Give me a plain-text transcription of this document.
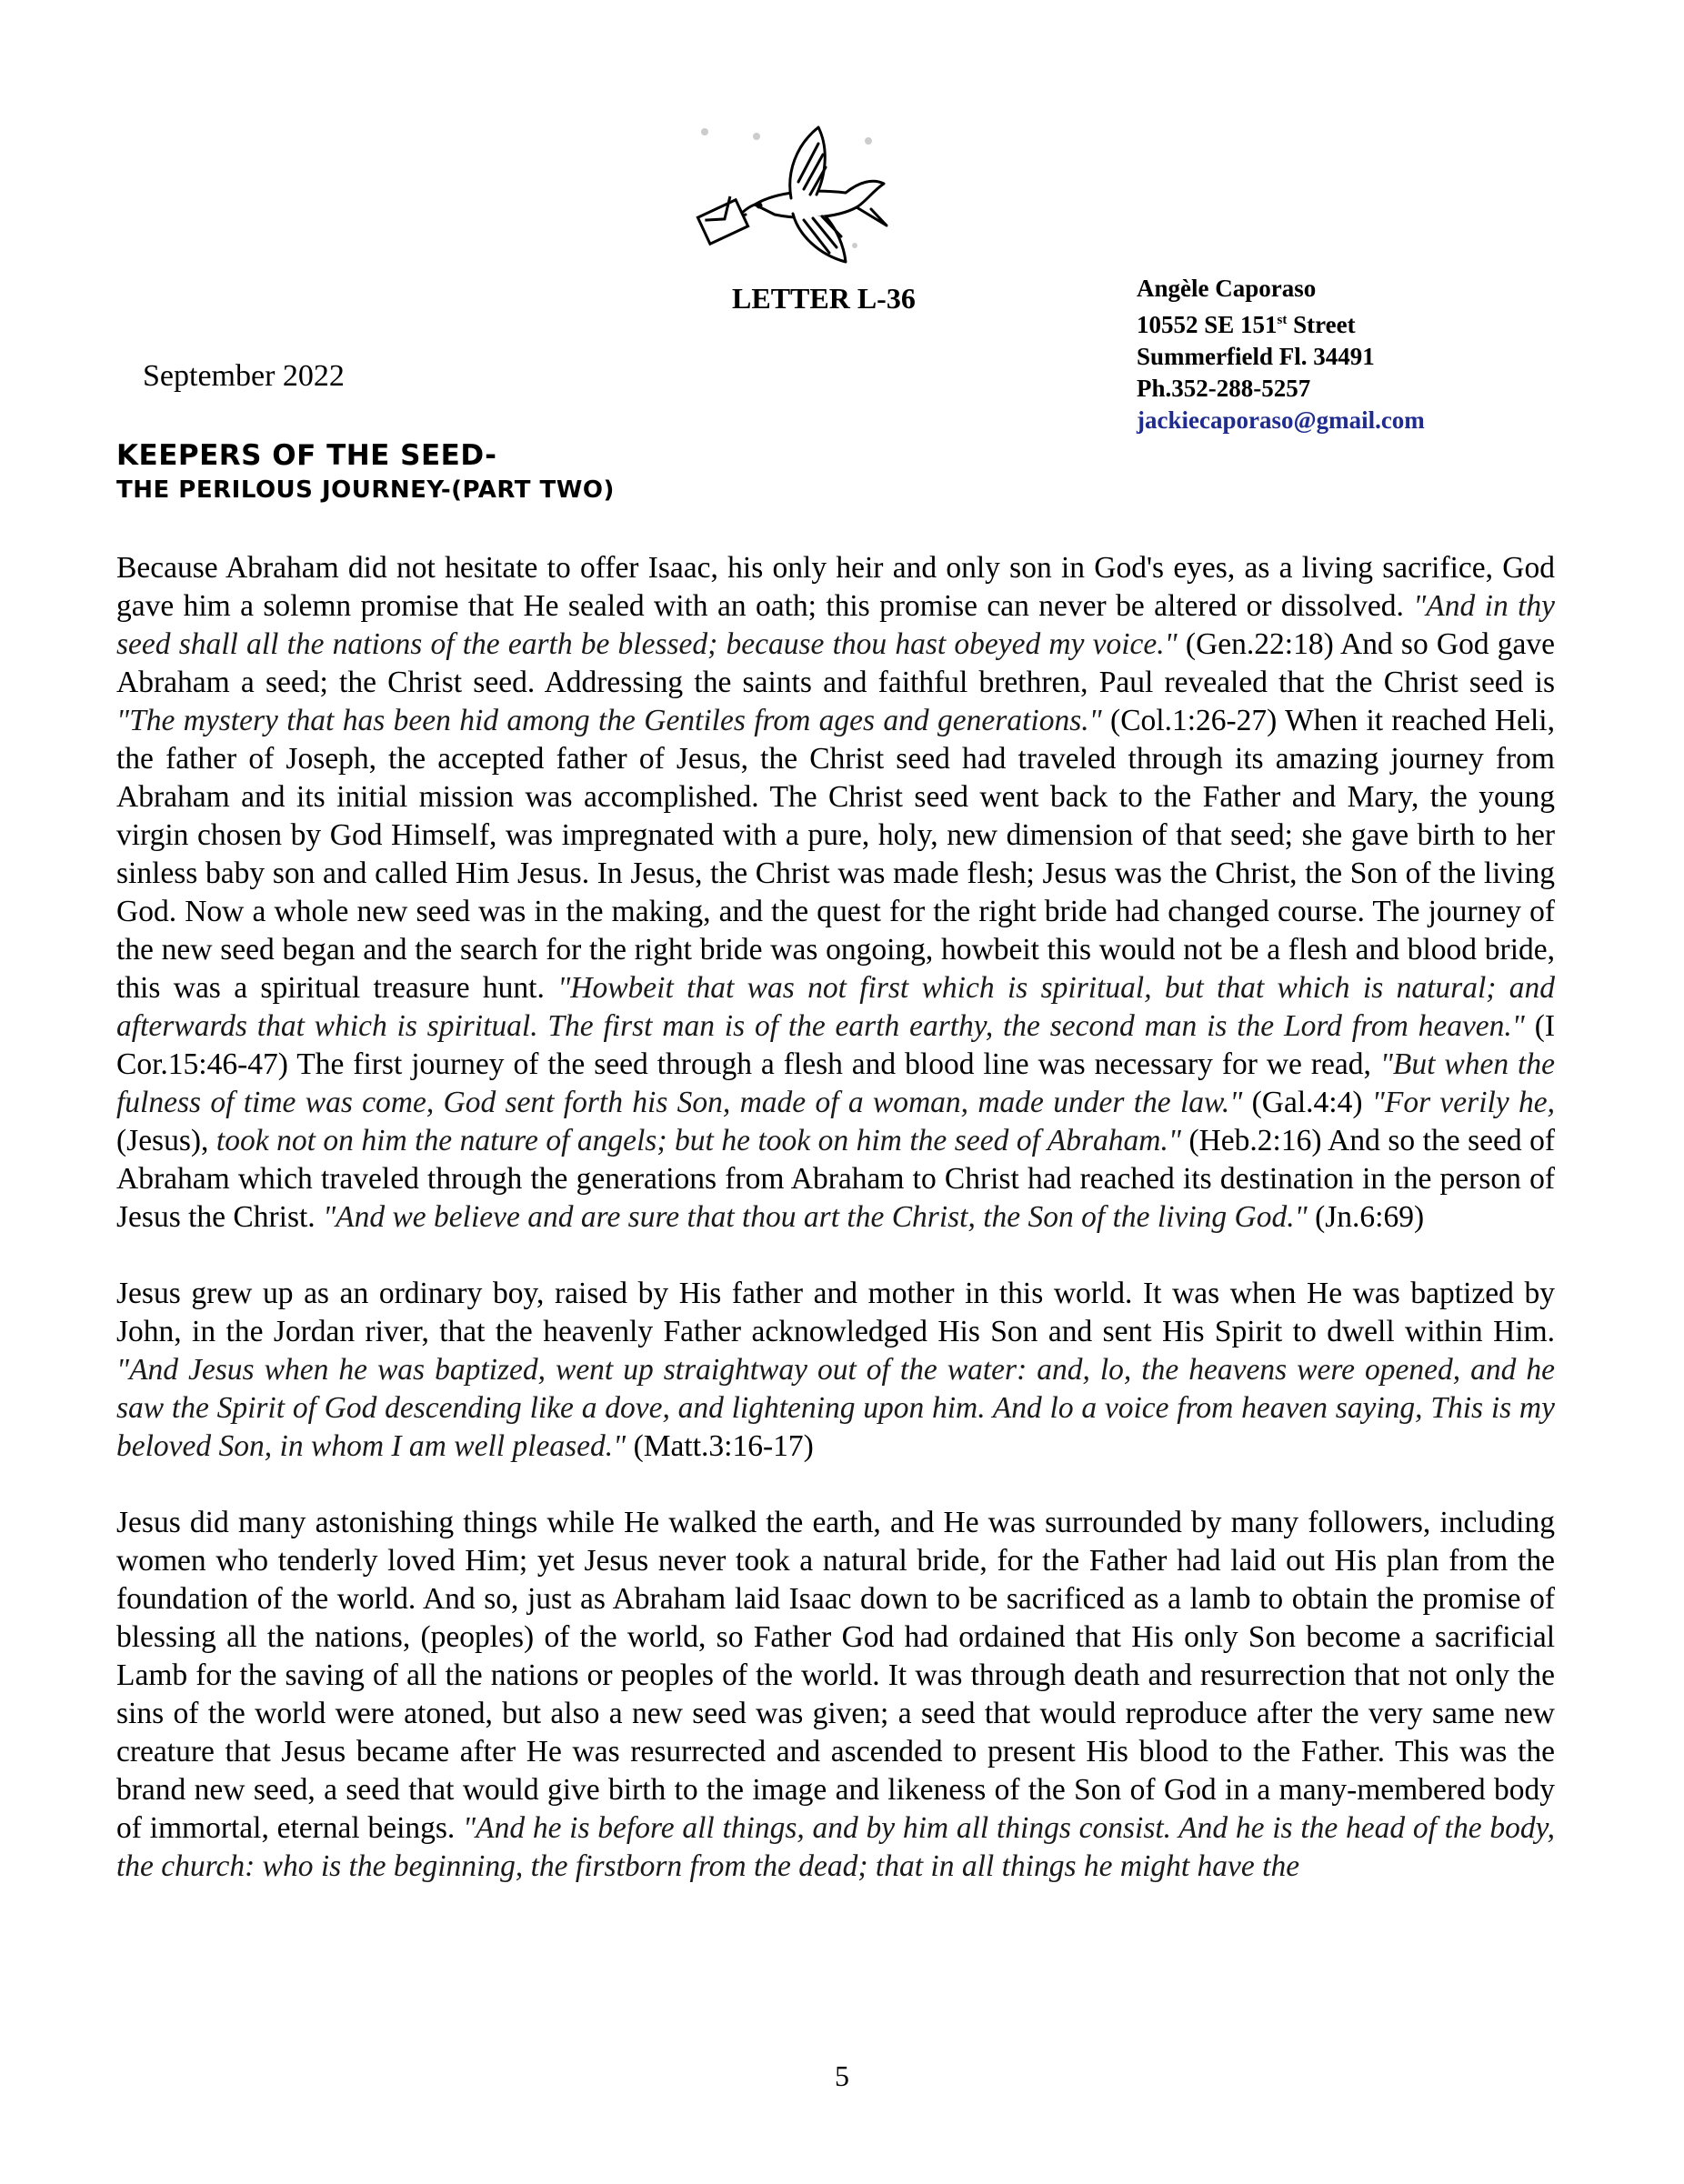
LETTER L-36	Angèle Caporaso
10552 SE 151st Street
Summerfield Fl. 34491
Ph.352-288-5257
jackiecaporaso@gmail.com
September 2022
KEEPERS OF THE SEED-
THE PERILOUS JOURNEY-(PART TWO)

Because Abraham did not hesitate to offer Isaac, his only heir and only son in God's eyes, as a living sacrifice, God gave him a solemn promise that He sealed with an oath; this promise can never be altered or dissolved. "And in thy seed shall all the nations of the earth be blessed; because thou hast obeyed my voice." (Gen.22:18) And so God gave Abraham a seed; the Christ seed. Addressing the saints and faithful brethren, Paul revealed that the Christ seed is "The mystery that has been hid among the Gentiles from ages and generations." (Col.1:26-27) When it reached Heli, the father of Joseph, the accepted father of Jesus, the Christ seed had traveled through its amazing journey from Abraham and its initial mission was accomplished. The Christ seed went back to the Father and Mary, the young virgin chosen by God Himself, was impregnated with a pure, holy, new dimension of that seed; she gave birth to her sinless baby son and called Him Jesus. In Jesus, the Christ was made flesh; Jesus was the Christ, the Son of the living God. Now a whole new seed was in the making, and the quest for the right bride had changed course. The journey of the new seed began and the search for the right bride was ongoing, howbeit this would not be a flesh and blood bride, this was a spiritual treasure hunt. "Howbeit that was not first which is spiritual, but that which is natural; and afterwards that which is spiritual. The first man is of the earth earthy, the second man is the Lord from heaven." (I Cor.15:46-47) The first journey of the seed through a flesh and blood line was necessary for we read, "But when the fulness of time was come, God sent forth his Son, made of a woman, made under the law." (Gal.4:4) "For verily he, (Jesus), took not on him the nature of angels; but he took on him the seed of Abraham." (Heb.2:16) And so the seed of Abraham which traveled through the generations from Abraham to Christ had reached its destination in the person of Jesus the Christ. "And we believe and are sure that thou art the Christ, the Son of the living God." (Jn.6:69)

Jesus grew up as an ordinary boy, raised by His father and mother in this world. It was when He was baptized by John, in the Jordan river, that the heavenly Father acknowledged His Son and sent His Spirit to dwell within Him. "And Jesus when he was baptized, went up straightway out of the water: and, lo, the heavens were opened, and he saw the Spirit of God descending like a dove, and lightening upon him. And lo a voice from heaven saying, This is my beloved Son, in whom I am well pleased." (Matt.3:16-17)

Jesus did many astonishing things while He walked the earth, and He was surrounded by many followers, including women who tenderly loved Him; yet Jesus never took a natural bride, for the Father had laid out His plan from the foundation of the world. And so, just as Abraham laid Isaac down to be sacrificed as a lamb to obtain the promise of blessing all the nations, (peoples) of the world, so Father God had ordained that His only Son become a sacrificial Lamb for the saving of all the nations or peoples of the world. It was through death and resurrection that not only the sins of the world were atoned, but also a new seed was given; a seed that would reproduce after the very same new creature that Jesus became after He was resurrected and ascended to present His blood to the Father. This was the brand new seed, a seed that would give birth to the image and likeness of the Son of God in a many-membered body of immortal, eternal beings. "And he is before all things, and by him all things consist. And he is the head of the body, the church: who is the beginning, the firstborn from the dead; that in all things he might have the

5
